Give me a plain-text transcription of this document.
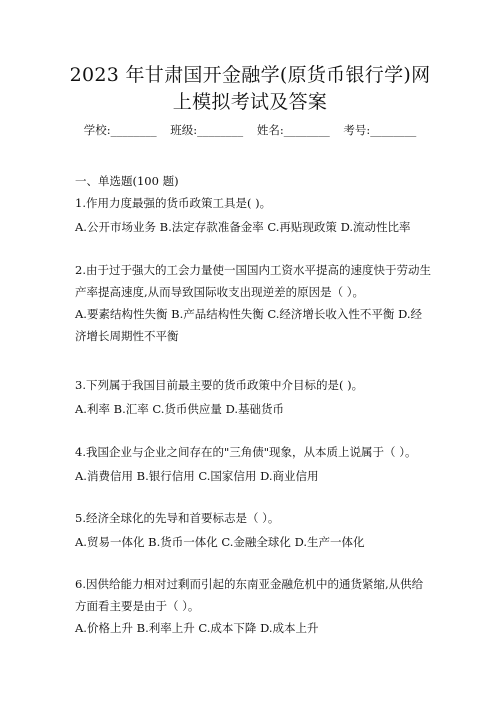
2023 年甘肃国开金融学(原货币银行学)网
上模拟考试及答案
学校:________ 班级:________ 姓名:________ 考号:________
一、单选题(100 题)
1.作用力度最强的货币政策工具是( )。
A.公开市场业务 B.法定存款准备金率 C.再贴现政策 D.流动性比率
2.由于过于强大的工会力量使一国国内工资水平提高的速度快于劳动生
产率提高速度,从而导致国际收支出现逆差的原因是（ ）。
A.要素结构性失衡 B.产品结构性失衡 C.经济增长收入性不平衡 D.经
济增长周期性不平衡
3.下列属于我国目前最主要的货币政策中介目标的是( )。
A.利率 B.汇率 C.货币供应量 D.基础货币
4.我国企业与企业之间存在的"三角债"现象，从本质上说属于（ ）。
A.消费信用 B.银行信用 C.国家信用 D.商业信用
5.经济全球化的先导和首要标志是（ ）。
A.贸易一体化 B.货币一体化 C.金融全球化 D.生产一体化
6.因供给能力相对过剩而引起的东南亚金融危机中的通货紧缩,从供给
方面看主要是由于（ ）。
A.价格上升 B.利率上升 C.成本下降 D.成本上升
